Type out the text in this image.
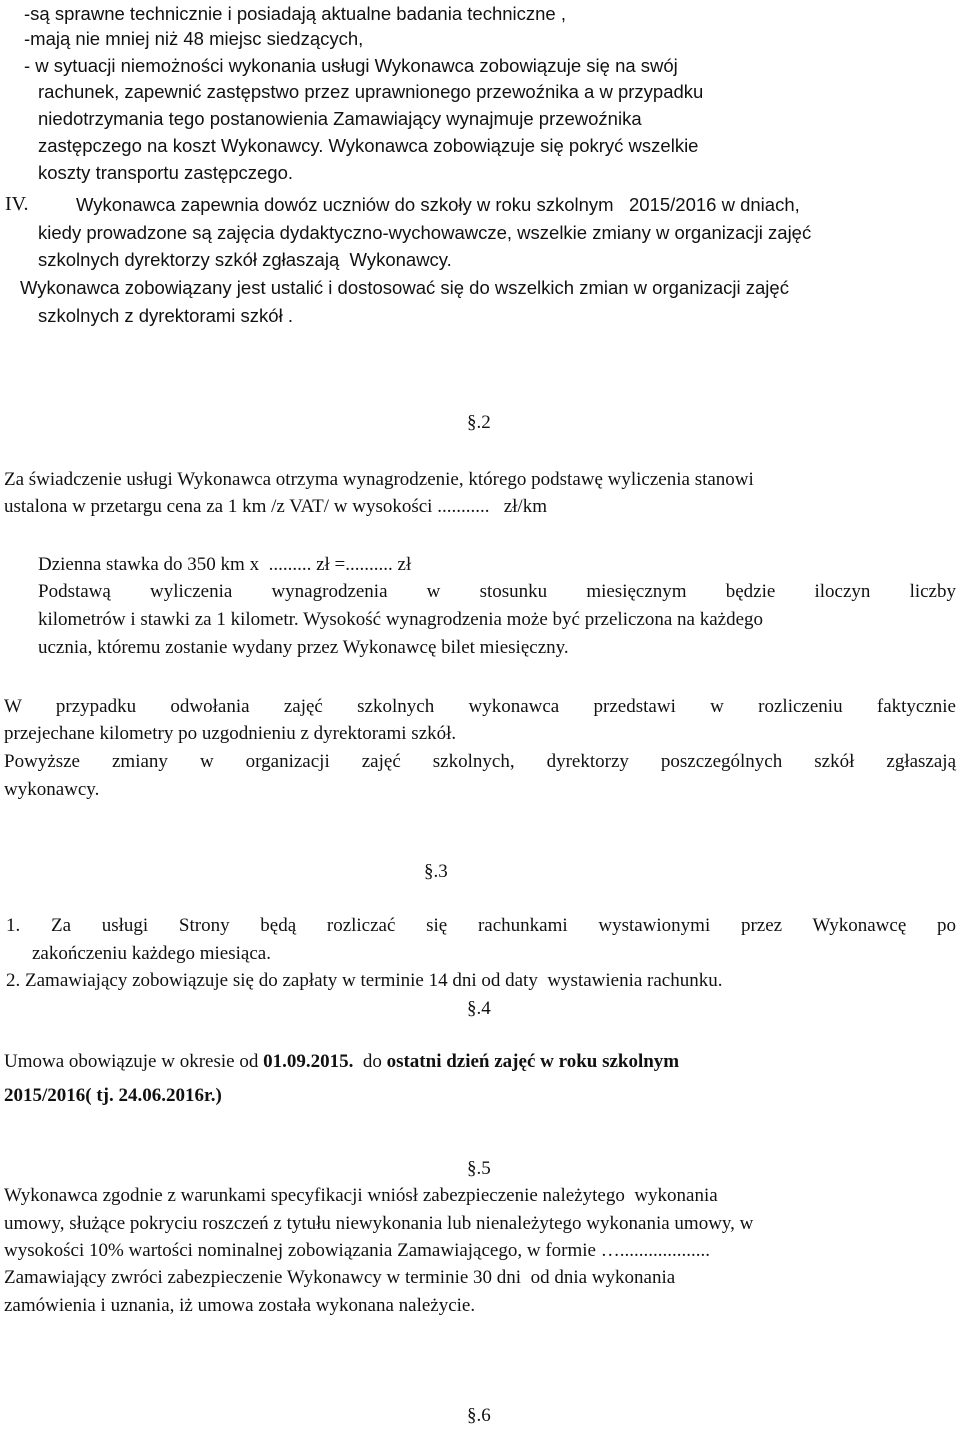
-są sprawne technicznie i posiadają aktualne badania techniczne ,

-mają nie mniej niż 48 miejsc siedzących,

- w sytuacji niemożności wykonania usługi Wykonawca zobowiązuje się na swój

rachunek, zapewnić zastępstwo przez uprawnionego przewoźnika a w przypadku

niedotrzymania tego postanowienia Zamawiający wynajmuje przewoźnika

zastępczego na koszt Wykonawcy. Wykonawca zobowiązuje się pokryć wszelkie

koszty transportu zastępczego.

IV.	Wykonawca zapewnia dowóz uczniów do szkoły w roku szkolnym   2015/2016 w dniach,

kiedy prowadzone są zajęcia dydaktyczno-wychowawcze, wszelkie zmiany w organizacji zajęć

szkolnych dyrektorzy szkół zgłaszają  Wykonawcy.

Wykonawca zobowiązany jest ustalić i dostosować się do wszelkich zmian w organizacji zajęć

szkolnych z dyrektorami szkół .

§.2

Za świadczenie usługi Wykonawca otrzyma wynagrodzenie, którego podstawę wyliczenia stanowi

ustalona w przetargu cena za 1 km /z VAT/ w wysokości ...........   zł/km

Dzienna stawka do 350 km x  ......... zł =.......... zł

Podstawą wyliczenia wynagrodzenia w stosunku miesięcznym będzie iloczyn liczby

kilometrów i stawki za 1 kilometr. Wysokość wynagrodzenia może być przeliczona na każdego

ucznia, któremu zostanie wydany przez Wykonawcę bilet miesięczny.

W przypadku odwołania zajęć szkolnych wykonawca przedstawi w rozliczeniu faktycznie

przejechane kilometry po uzgodnieniu z dyrektorami szkół.

Powyższe zmiany w organizacji zajęć szkolnych, dyrektorzy poszczególnych szkół zgłaszają

wykonawcy.

§.3

1. Za usługi Strony będą rozliczać się rachunkami wystawionymi przez Wykonawcę po

zakończeniu każdego miesiąca.

2. Zamawiający zobowiązuje się do zapłaty w terminie 14 dni od daty  wystawienia rachunku.

§.4

Umowa obowiązuje w okresie od 01.09.2015.  do ostatni dzień zajęć w roku szkolnym

2015/2016( tj. 24.06.2016r.)

§.5

Wykonawca zgodnie z warunkami specyfikacji wniósł zabezpieczenie należytego  wykonania

umowy, służące pokryciu roszczeń z tytułu niewykonania lub nienależytego wykonania umowy, w

wysokości 10% wartości nominalnej zobowiązania Zamawiającego, w formie …...................

Zamawiający zwróci zabezpieczenie Wykonawcy w terminie 30 dni  od dnia wykonania

zamówienia i uznania, iż umowa została wykonana należycie.

§.6
